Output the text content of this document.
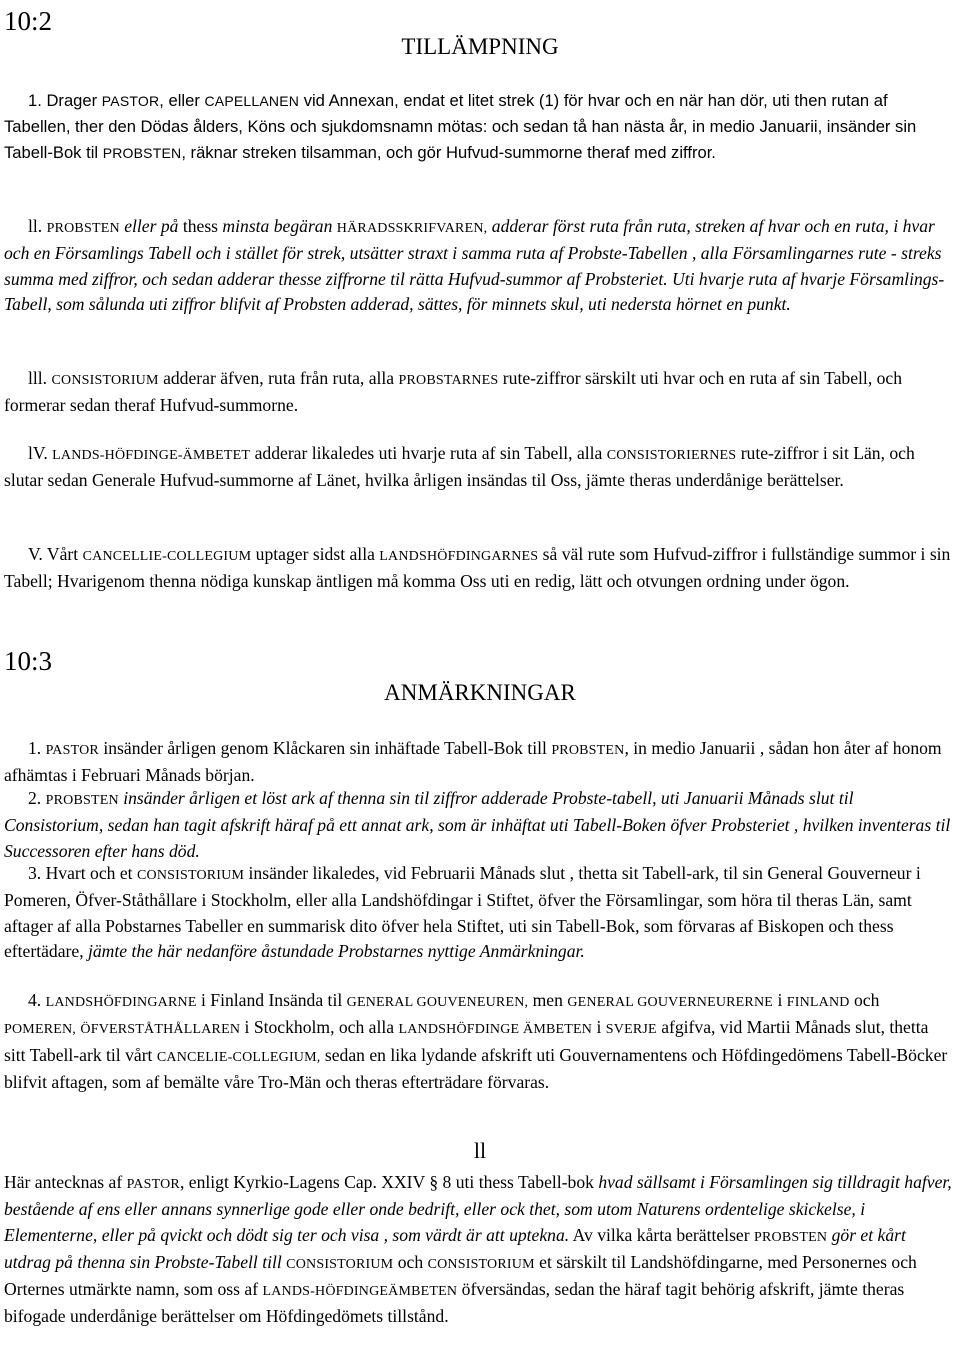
10:2
TILLÄMPNING
1. Drager PASTOR, eller CAPELLANEN vid Annexan, endat et litet strek (1) för hvar och en när han dör, uti then rutan af Tabellen, ther den Dödas ålders, Köns och sjukdomsnamn mötas: och sedan tå han nästa år, in medio Januarii, insänder sin Tabell-Bok til PROBSTEN, räknar streken tilsamman, och gör Hufvud-summorne theraf med ziffror.
ll. PROBSTEN eller på thess minsta begäran HÄRADSSKRIFVAREN, adderar först ruta från ruta, streken af hvar och en ruta, i hvar och en Församlings Tabell och i stället för strek, utsätter straxt i samma ruta af Probste-Tabellen , alla Församlingarnes rute - streks summa med ziffror, och sedan adderar thesse ziffrorne til rätta Hufvud-summor af Probsteriet. Uti hvarje ruta af hvarje Församlings-Tabell, som sålunda uti ziffror blifvit af Probsten adderad, sättes, för minnets skul, uti nedersta hörnet en punkt.
lll. CONSISTORIUM adderar äfven, ruta från ruta, alla PROBSTARNES rute-ziffror särskilt uti hvar och en ruta af sin Tabell, och formerar sedan theraf Hufvud-summorne.
lV. LANDS-HÖFDINGE-ÄMBETET adderar likaledes uti hvarje ruta af sin Tabell, alla CONSISTORIERNES rute-ziffror i sit Län, och slutar sedan Generale Hufvud-summorne af Länet, hvilka årligen insändas til Oss, jämte theras underdånige berättelser.
V. Vårt CANCELLIE-COLLEGIUM uptager sidst alla LANDSHÖFDINGARNES så väl rute som Hufvud-ziffror i fullständige summor i sin Tabell; Hvarigenom thenna nödiga kunskap äntligen må komma Oss uti en redig, lätt och otvungen ordning under ögon.
10:3
ANMÄRKNINGAR
1. PASTOR insänder årligen genom Klåckaren sin inhäftade Tabell-Bok till PROBSTEN, in medio Januarii , sådan hon åter af honom afhämtas i Februari Månads början.
2. PROBSTEN insänder årligen et löst ark af thenna sin til ziffror adderade Probste-tabell, uti Januarii Månads slut til Consistorium, sedan han tagit afskrift häraf på ett annat ark, som är inhäftat uti Tabell-Boken öfver Probsteriet , hvilken inventeras til Successoren efter hans död.
3. Hvart och et CONSISTORIUM insänder likaledes, vid Februarii Månads slut , thetta sit Tabell-ark, til sin General Gouverneur i Pomeren, Öfver-Ståthållare i Stockholm, eller alla Landshöfdingar i Stiftet, öfver the Församlingar, som höra til theras Län, samt aftager af alla Pobstarnes Tabeller en summarisk dito öfver hela Stiftet, uti sin Tabell-Bok, som förvaras af Biskopen och thess eftertädare, jämte the här nedanföre åstundade Probstarnes nyttige Anmärkningar.
4. LANDSHÖFDINGARNE i Finland Insända til GENERAL GOUVENEUREN, men GENERAL GOUVERNEURERNE i FINLAND och POMEREN, ÖFVERSTÅTHÅLLAREN i Stockholm, och alla LANDSHÖFDINGE ÄMBETEN i SVERJE afgifva, vid Martii Månads slut, thetta sitt Tabell-ark til vårt CANCELIE-COLLEGIUM, sedan en lika lydande afskrift uti Gouvernamentens och Höfdingedömens Tabell-Böcker blifvit aftagen, som af bemälte våre Tro-Män och theras efterträdare förvaras.
ll
Här antecknas af PASTOR, enligt Kyrkio-Lagens Cap. XXIV § 8 uti thess Tabell-bok hvad sällsamt i Församlingen sig tilldragit hafver, bestående af ens eller annans synnerlige gode eller onde bedrift, eller ock thet, som utom Naturens ordentelige skickelse, i Elementerne, eller på qvickt och dödt sig ter och visa , som värdt är att uptekna. Av vilka kårta berättelser PROBSTEN gör et kårt utdrag på thenna sin Probste-Tabell till CONSISTORIUM och CONSISTORIUM et särskilt til Landshöfdingarne, med Personernes och Orternes utmärkte namn, som oss af LANDS-HÖFDINGEÄMBETEN öfversändas, sedan the häraf tagit behörig afskrift, jämte theras bifogade underdånige berättelser om Höfdingedömets tillstånd.
